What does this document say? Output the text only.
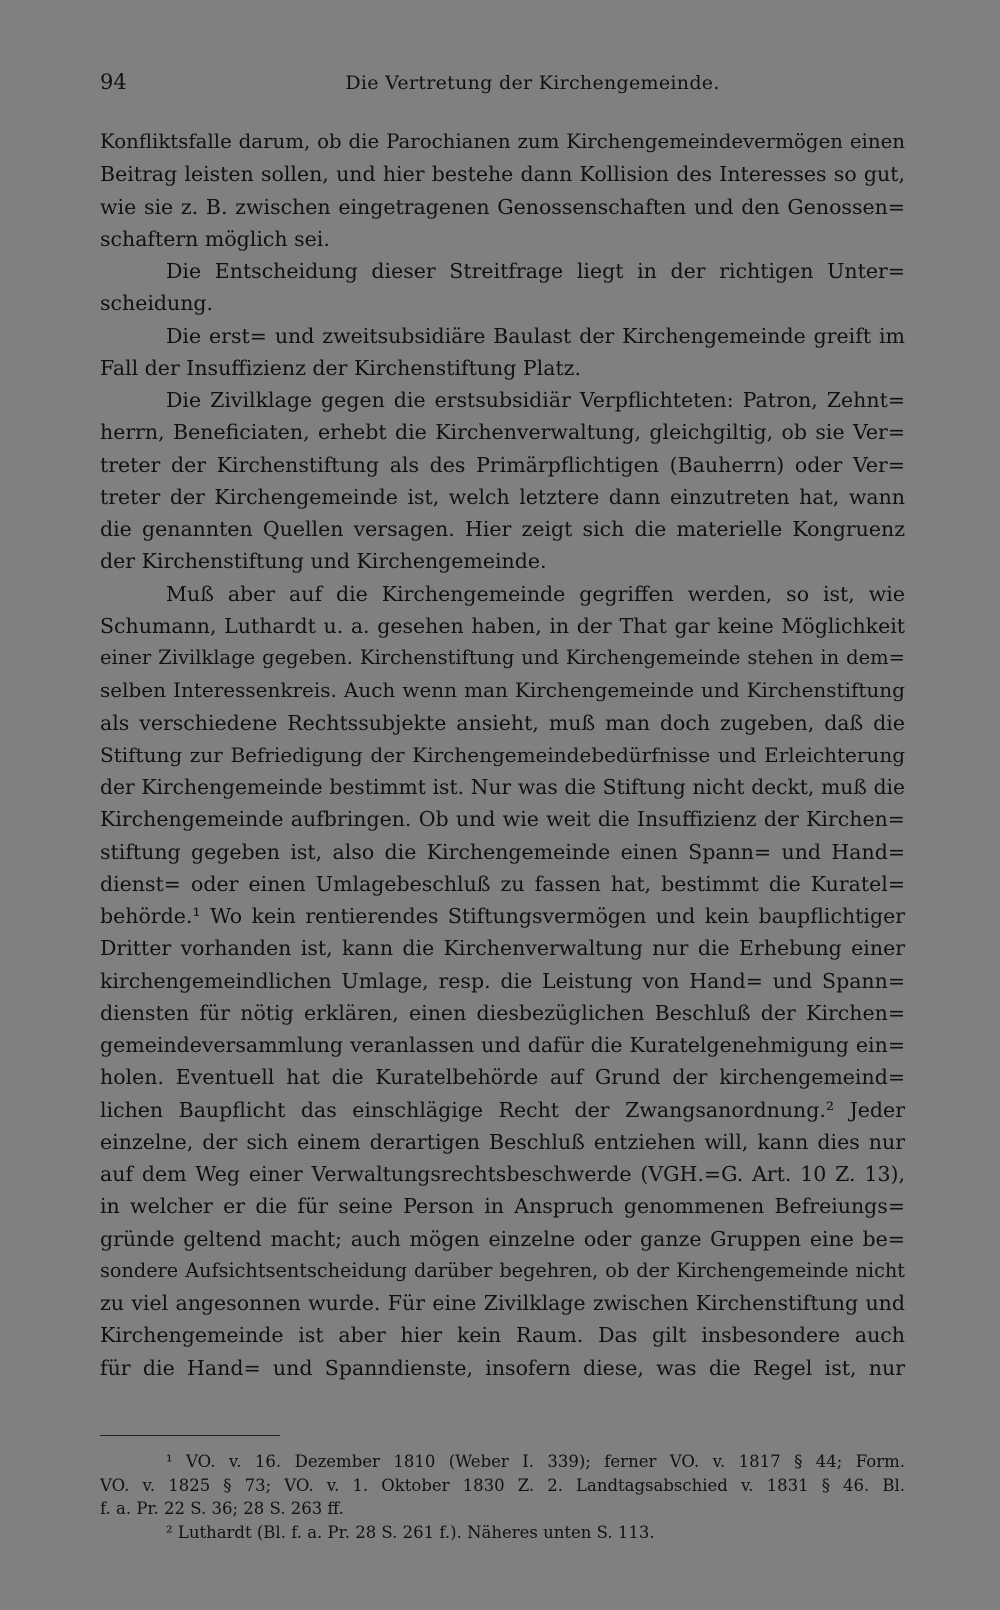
94	Die Vertretung der Kirchengemeinde.
Konfliktsfalle darum, ob die Parochianen zum Kirchengemeindevermögen einen
Beitrag leisten sollen, und hier bestehe dann Kollision des Interesses so gut,
wie sie z. B. zwischen eingetragenen Genossenschaften und den Genossen=
schaftern möglich sei.
Die Entscheidung dieser Streitfrage liegt in der richtigen Unter=
scheidung.
Die erst= und zweitsubsidiäre Baulast der Kirchengemeinde greift im
Fall der Insuffizienz der Kirchenstiftung Platz.
Die Zivilklage gegen die erstsubsidiär Verpflichteten: Patron, Zehnt=
herrn, Beneficiaten, erhebt die Kirchenverwaltung, gleichgiltig, ob sie Ver=
treter der Kirchenstiftung als des Primärpflichtigen (Bauherrn) oder Ver=
treter der Kirchengemeinde ist, welch letztere dann einzutreten hat, wann
die genannten Quellen versagen. Hier zeigt sich die materielle Kongruenz
der Kirchenstiftung und Kirchengemeinde.
Muß aber auf die Kirchengemeinde gegriffen werden, so ist, wie
Schumann, Luthardt u. a. gesehen haben, in der That gar keine Möglichkeit
einer Zivilklage gegeben. Kirchenstiftung und Kirchengemeinde stehen in dem=
selben Interessenkreis. Auch wenn man Kirchengemeinde und Kirchenstiftung
als verschiedene Rechtssubjekte ansieht, muß man doch zugeben, daß die
Stiftung zur Befriedigung der Kirchengemeindebedürfnisse und Erleichterung
der Kirchengemeinde bestimmt ist. Nur was die Stiftung nicht deckt, muß die
Kirchengemeinde aufbringen. Ob und wie weit die Insuffizienz der Kirchen=
stiftung gegeben ist, also die Kirchengemeinde einen Spann= und Hand=
dienst= oder einen Umlagebeschluß zu fassen hat, bestimmt die Kuratel=
behörde.¹ Wo kein rentierendes Stiftungsvermögen und kein baupflichtiger
Dritter vorhanden ist, kann die Kirchenverwaltung nur die Erhebung einer
kirchengemeindlichen Umlage, resp. die Leistung von Hand= und Spann=
diensten für nötig erklären, einen diesbezüglichen Beschluß der Kirchen=
gemeindeversammlung veranlassen und dafür die Kuratelgenehmigung ein=
holen. Eventuell hat die Kuratelbehörde auf Grund der kirchengemeind=
lichen Baupflicht das einschlägige Recht der Zwangsanordnung.² Jeder
einzelne, der sich einem derartigen Beschluß entziehen will, kann dies nur
auf dem Weg einer Verwaltungsrechtsbeschwerde (VGH.=G. Art. 10 Z. 13),
in welcher er die für seine Person in Anspruch genommenen Befreiungs=
gründe geltend macht; auch mögen einzelne oder ganze Gruppen eine be=
sondere Aufsichtsentscheidung darüber begehren, ob der Kirchengemeinde nicht
zu viel angesonnen wurde. Für eine Zivilklage zwischen Kirchenstiftung und
Kirchengemeinde ist aber hier kein Raum. Das gilt insbesondere auch
für die Hand= und Spanndienste, insofern diese, was die Regel ist, nur
¹ VO. v. 16. Dezember 1810 (Weber I. 339); ferner VO. v. 1817 § 44; Form.
VO. v. 1825 § 73; VO. v. 1. Oktober 1830 Z. 2. Landtagsabschied v. 1831 § 46. Bl.
f. a. Pr. 22 S. 36; 28 S. 263 ff.
² Luthardt (Bl. f. a. Pr. 28 S. 261 f.). Näheres unten S. 113.
